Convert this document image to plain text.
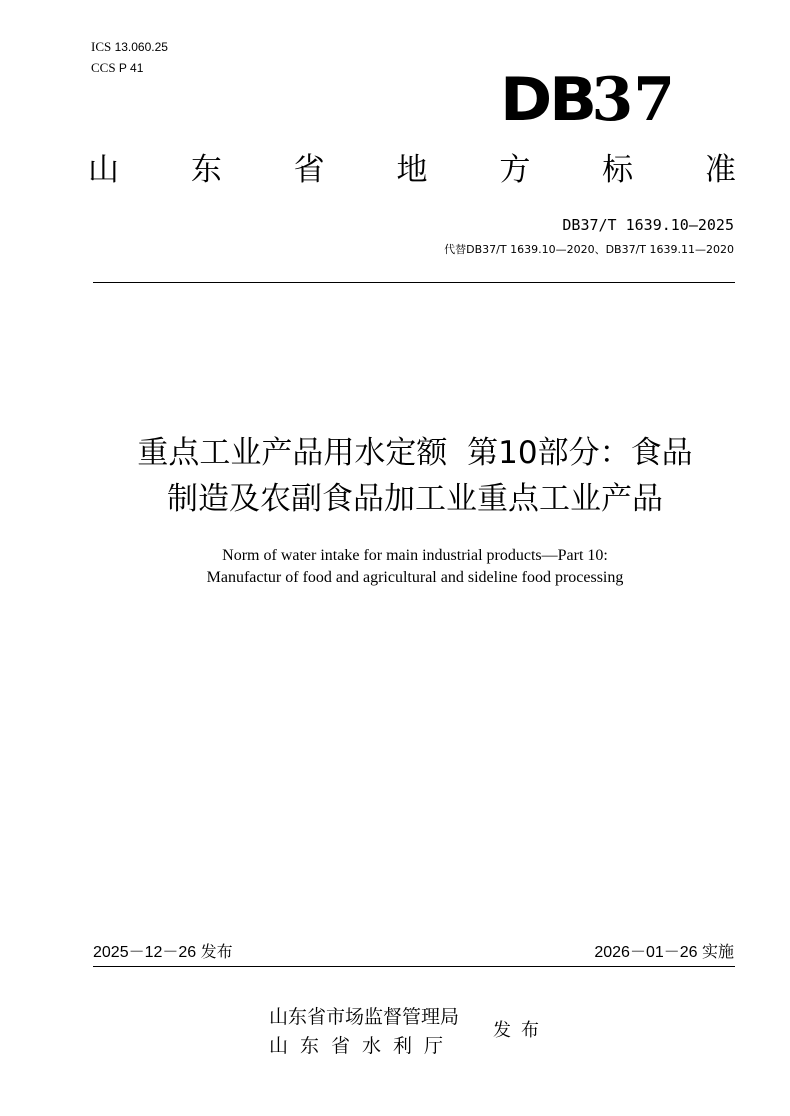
ICS 13.060.25
CCS P 41	DB
37
山 东 省 地 方 标 准
DB37/T 1639.10—2025
代替DB37/T 1639.10—2020、DB37/T 1639.11—2020
重点工业产品用水定额  第10部分：食品
制造及农副食品加工业重点工业产品
Norm of water intake for main industrial products—Part 10:
Manufactur of food and agricultural and sideline food processing
2025－12－26 发布	2026－01－26 实施
山东省市场监督管理局
山东省水利厅
发布
